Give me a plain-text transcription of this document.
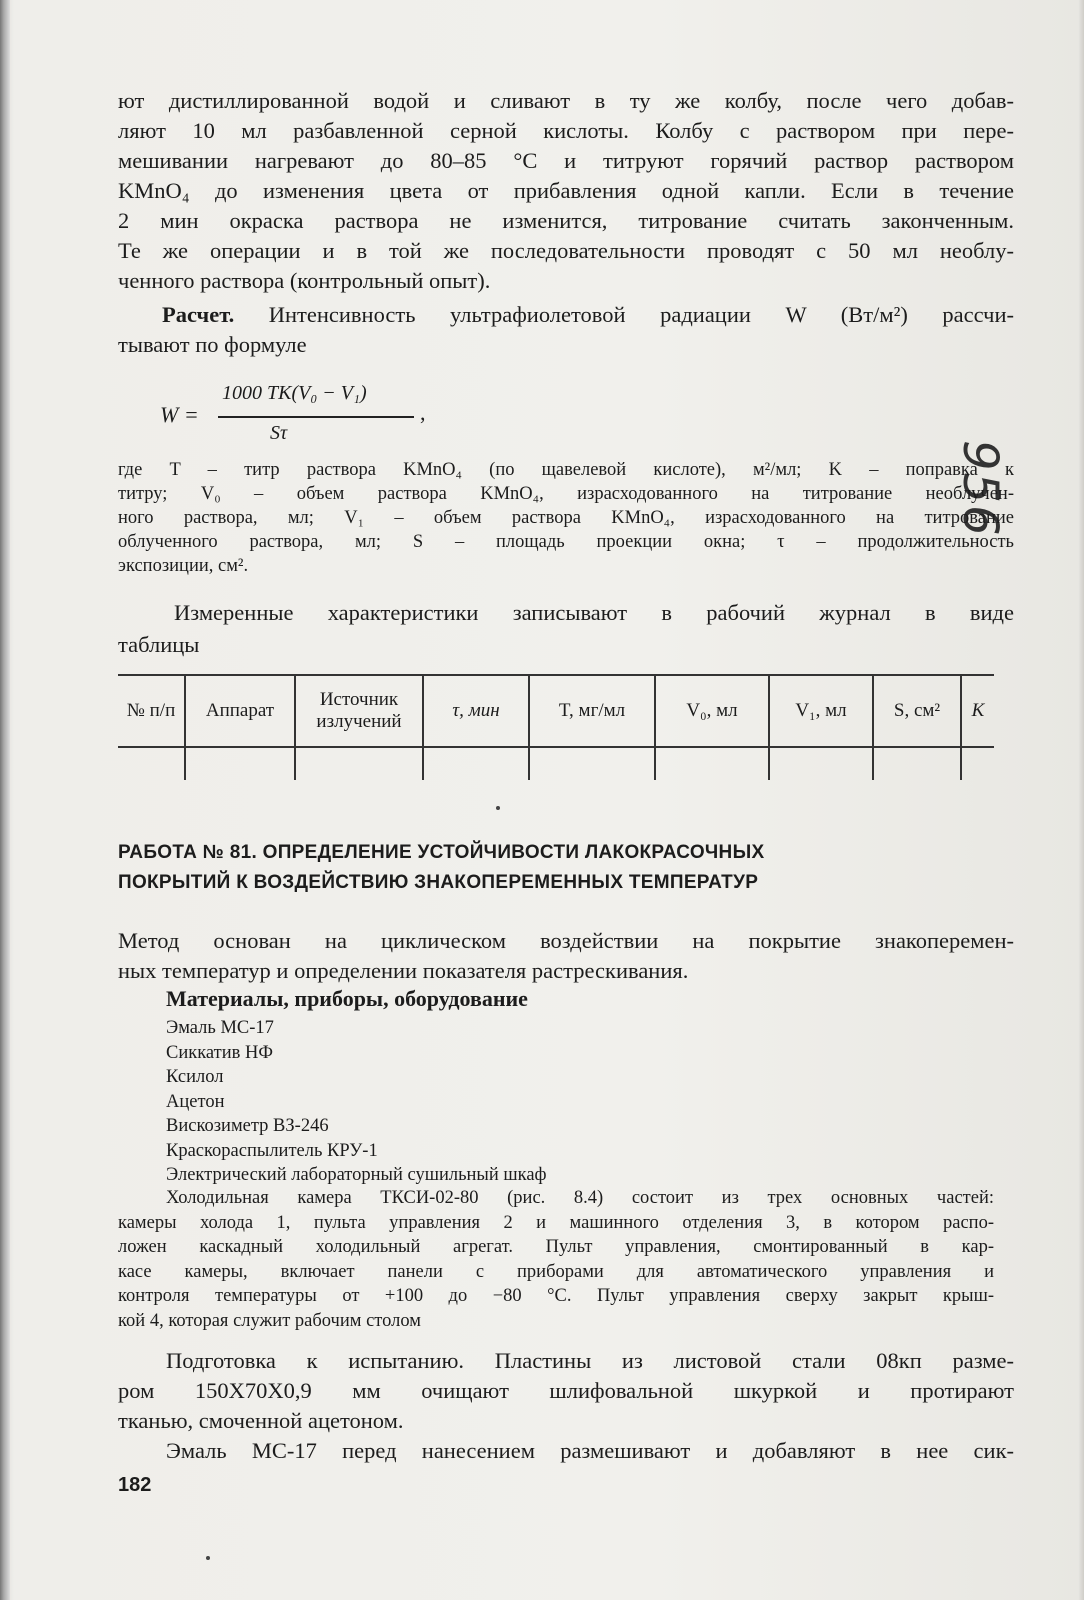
956
ют дистиллированной водой и сливают в ту же колбу, после чего добав-
ляют 10 мл разбавленной серной кислоты. Колбу с раствором при пере-
мешивании нагревают до 80–85 °C и титруют горячий раствор раствором
KMnO₄ до изменения цвета от прибавления одной капли. Если в течение
2 мин окраска раствора не изменится, титрование считать законченным.
Те же операции и в той же последовательности проводят с 50 мл необлу-
ченного раствора (контрольный опыт).
Расчет. Интенсивность ультрафиолетовой радиации W (Вт/м²) рассчи-
тывают по формуле
W =
1000 TK(V₀ − V₁)
Sτ
,
где T – титр раствора KMnO₄ (по щавелевой кислоте), м²/мл; K – поправка к
титру; V₀ – объем раствора KMnO₄, израсходованного на титрование необлучен-
ного раствора, мл; V₁ – объем раствора KMnO₄, израсходованного на титрование
облученного раствора, мл; S – площадь проекции окна; τ – продолжительность
экспозиции, см².
Измеренные характеристики записывают в рабочий журнал в виде
таблицы
№ п/п	Аппарат	Источник излучений	τ, мин	T, мг/мл	V₀, мл	V₁, мл	S, см²	K

РАБОТА № 81. ОПРЕДЕЛЕНИЕ УСТОЙЧИВОСТИ ЛАКОКРАСОЧНЫХ
ПОКРЫТИЙ К ВОЗДЕЙСТВИЮ ЗНАКОПЕРЕМЕННЫХ ТЕМПЕРАТУР
Метод основан на циклическом воздействии на покрытие знакоперемен-
ных температур и определении показателя растрескивания.
Материалы, приборы, оборудование
Эмаль МС-17
Сиккатив НФ
Ксилол
Ацетон
Вискозиметр ВЗ-246
Краскораспылитель КРУ-1
Электрический лабораторный сушильный шкаф
Холодильная камера ТКСИ-02-80 (рис. 8.4) состоит из трех основных частей:
камеры холода 1, пульта управления 2 и машинного отделения 3, в котором распо-
ложен каскадный холодильный агрегат. Пульт управления, смонтированный в кар-
касе камеры, включает панели с приборами для автоматического управления и
контроля температуры от +100 до −80 °C. Пульт управления сверху закрыт крыш-
кой 4, которая служит рабочим столом
Подготовка к испытанию. Пластины из листовой стали 08кп разме-
ром 150Х70Х0,9 мм очищают шлифовальной шкуркой и протирают
тканью, смоченной ацетоном.
Эмаль МС-17 перед нанесением размешивают и добавляют в нее сик-
182
